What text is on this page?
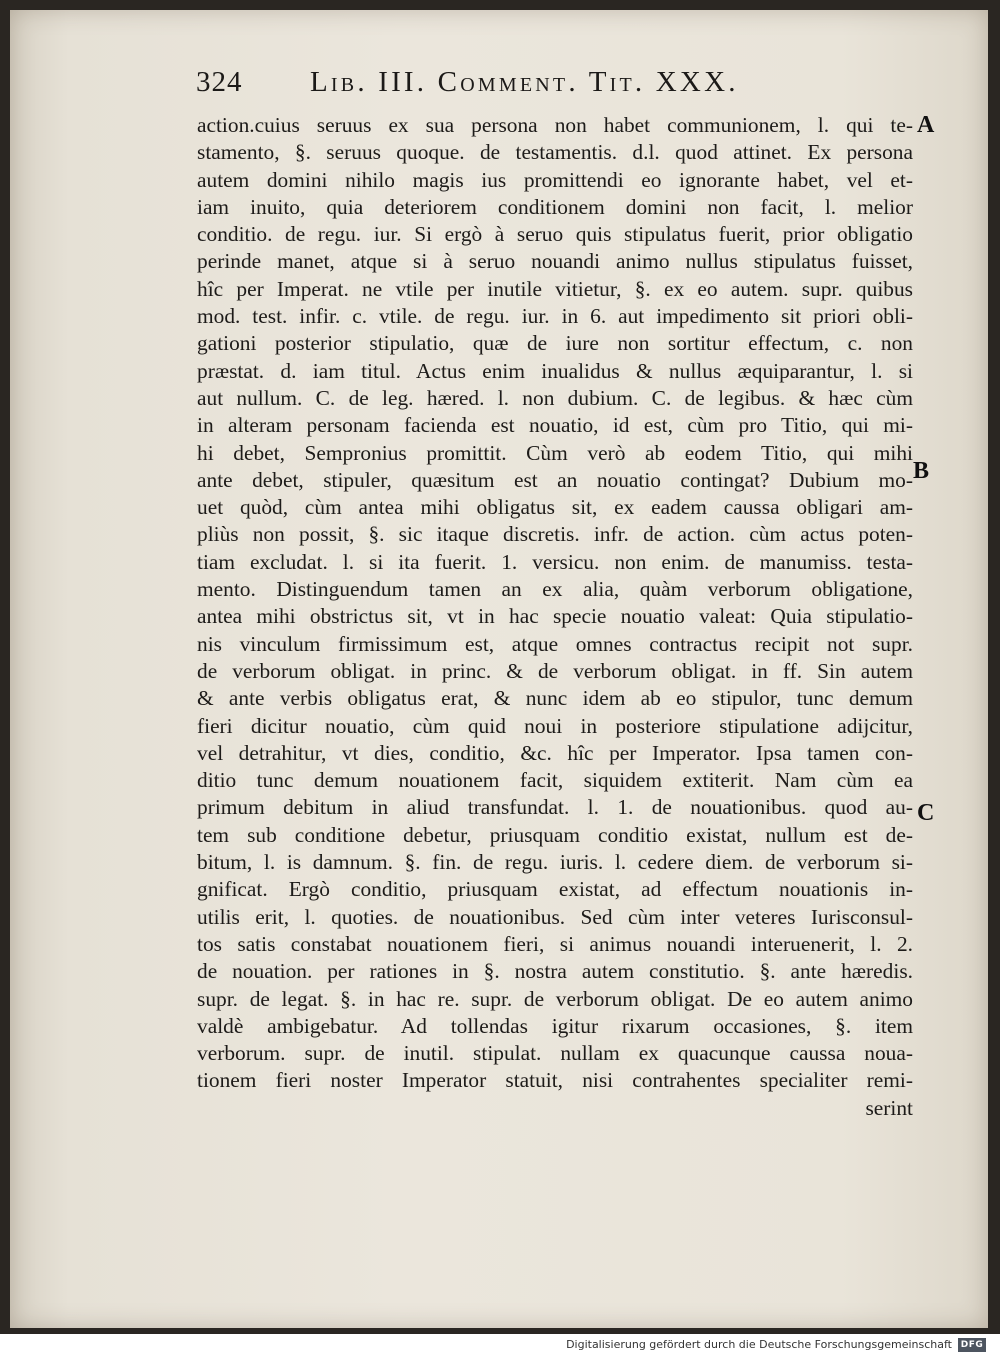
324 Lib. III. Comment. Tit. XXX.
action.cuius seruus ex sua persona non habet communionem, l. qui te-
stamento, §. seruus quoque. de testamentis. d.l. quod attinet. Ex persona
autem domini nihilo magis ius promittendi eo ignorante habet, vel et-
iam inuito, quia deteriorem conditionem domini non facit, l. melior
conditio. de regu. iur. Si ergò à seruo quis stipulatus fuerit, prior obligatio
perinde manet, atque si à seruo nouandi animo nullus stipulatus fuisset,
hîc per Imperat. ne vtile per inutile vitietur, §. ex eo autem. supr. quibus
mod. test. infir. c. vtile. de regu. iur. in 6. aut impedimento sit priori obli-
gationi posterior stipulatio, quæ de iure non sortitur effectum, c. non
præstat. d. iam titul. Actus enim inualidus & nullus æquiparantur, l. si
aut nullum. C. de leg. hæred. l. non dubium. C. de legibus. & hæc cùm
in alteram personam facienda est nouatio, id est, cùm pro Titio, qui mi-
hi debet, Sempronius promittit. Cùm verò ab eodem Titio, qui mihi
ante debet, stipuler, quæsitum est an nouatio contingat? Dubium mo-
uet quòd, cùm antea mihi obligatus sit, ex eadem caussa obligari am-
pliùs non possit, §. sic itaque discretis. infr. de action. cùm actus poten-
tiam excludat. l. si ita fuerit. 1. versicu. non enim. de manumiss. testa-
mento. Distinguendum tamen an ex alia, quàm verborum obligatione,
antea mihi obstrictus sit, vt in hac specie nouatio valeat: Quia stipulatio-
nis vinculum firmissimum est, atque omnes contractus recipit not supr.
de verborum obligat. in princ. & de verborum obligat. in ff. Sin autem
& ante verbis obligatus erat, & nunc idem ab eo stipulor, tunc demum
fieri dicitur nouatio, cùm quid noui in posteriore stipulatione adijcitur,
vel detrahitur, vt dies, conditio, &c. hîc per Imperator. Ipsa tamen con-
ditio tunc demum nouationem facit, siquidem extiterit. Nam cùm ea
primum debitum in aliud transfundat. l. 1. de nouationibus. quod au-
tem sub conditione debetur, priusquam conditio existat, nullum est de-
bitum, l. is damnum. §. fin. de regu. iuris. l. cedere diem. de verborum si-
gnificat. Ergò conditio, priusquam existat, ad effectum nouationis in-
utilis erit, l. quoties. de nouationibus. Sed cùm inter veteres Iurisconsul-
tos satis constabat nouationem fieri, si animus nouandi interuenerit, l. 2.
de nouation. per rationes in §. nostra autem constitutio. §. ante hæredis.
supr. de legat. §. in hac re. supr. de verborum obligat. De eo autem animo
valdè ambigebatur. Ad tollendas igitur rixarum occasiones, §. item
verborum. supr. de inutil. stipulat. nullam ex quacunque caussa noua-
tionem fieri noster Imperator statuit, nisi contrahentes specialiter remi-
serint
A
B
C
Digitalisierung gefördert durch die Deutsche Forschungsgemeinschaft DFG
